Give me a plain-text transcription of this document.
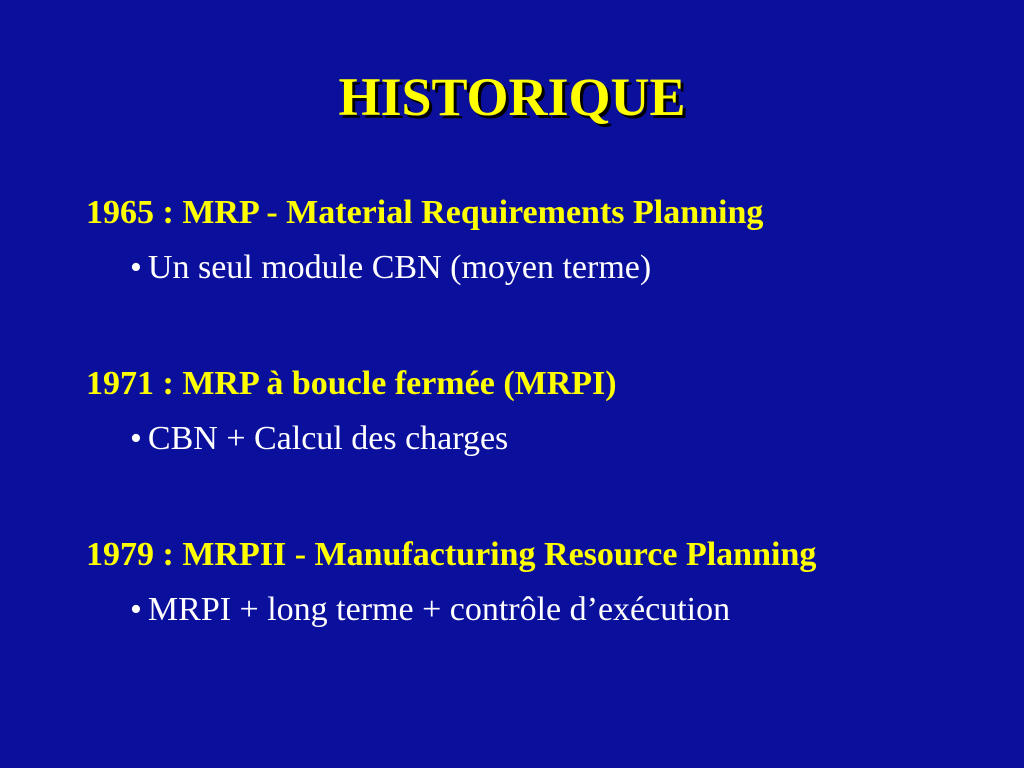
HISTORIQUE
1965 : MRP - Material Requirements Planning
• Un seul module CBN (moyen terme)
1971 : MRP à boucle fermée (MRPI)
• CBN + Calcul des charges
1979 : MRPII - Manufacturing Resource Planning
• MRPI + long terme + contrôle d’exécution
